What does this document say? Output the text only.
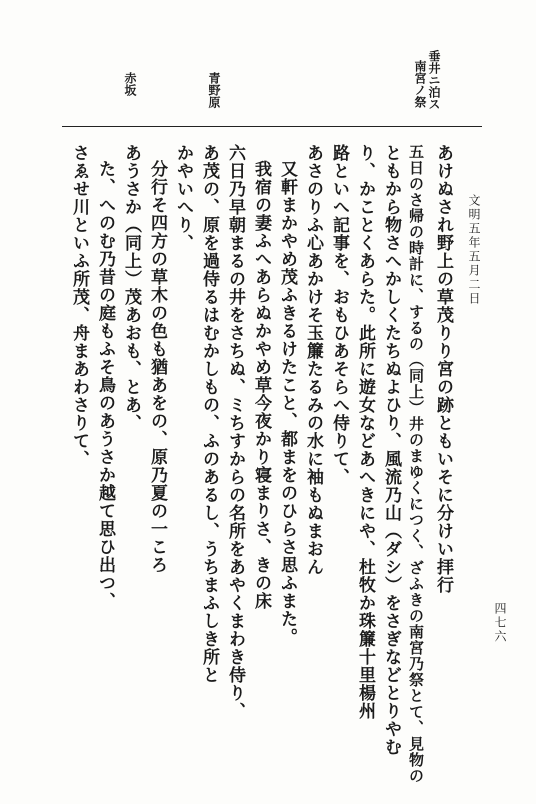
四七六
文明五年五月二日
垂井ニ泊ス
南宮ノ祭
青野原
赤坂
あけぬされ野上の草茂りり宮の跡ともいそに分けい拝行
五日のさ帰の時計に、するの（同上）井のまゆくにつく、ざふきの南宮乃祭とて、見物の
ともから物さへかしくたちぬよひり、風流乃山（ダシ）をさぎなどとりやむ
り、かことくあらた。此所に遊女などあへきにや、杜牧か珠簾十里楊州
路といへ記事を、おもひあそらへ侍りて、
あさのりふ心あかけそ玉簾たるみの水に袖もぬまおん
又軒まかやめ茂ふきるけたこと、都まをのひらさ思ふまた。
我宿の妻ふへあらぬかやめ草今夜かり寝まりさ、きの床
六日乃早朝まるの井をさちぬ、ミちすからの名所をあやくまわき侍り、
あ茂の、原を過侍るはむかしもの、ふのあるし、うちまふしき所と
かやいへり、
分行そ四方の草木の色も猶あをの、原乃夏の一ころ
あうさか（同上）茂あおも、とあ、
た、へのむ乃昔の庭もふそ鳥のあうさか越て思ひ出つ、
さゑせ川といふ所茂、舟まあわさりて、
